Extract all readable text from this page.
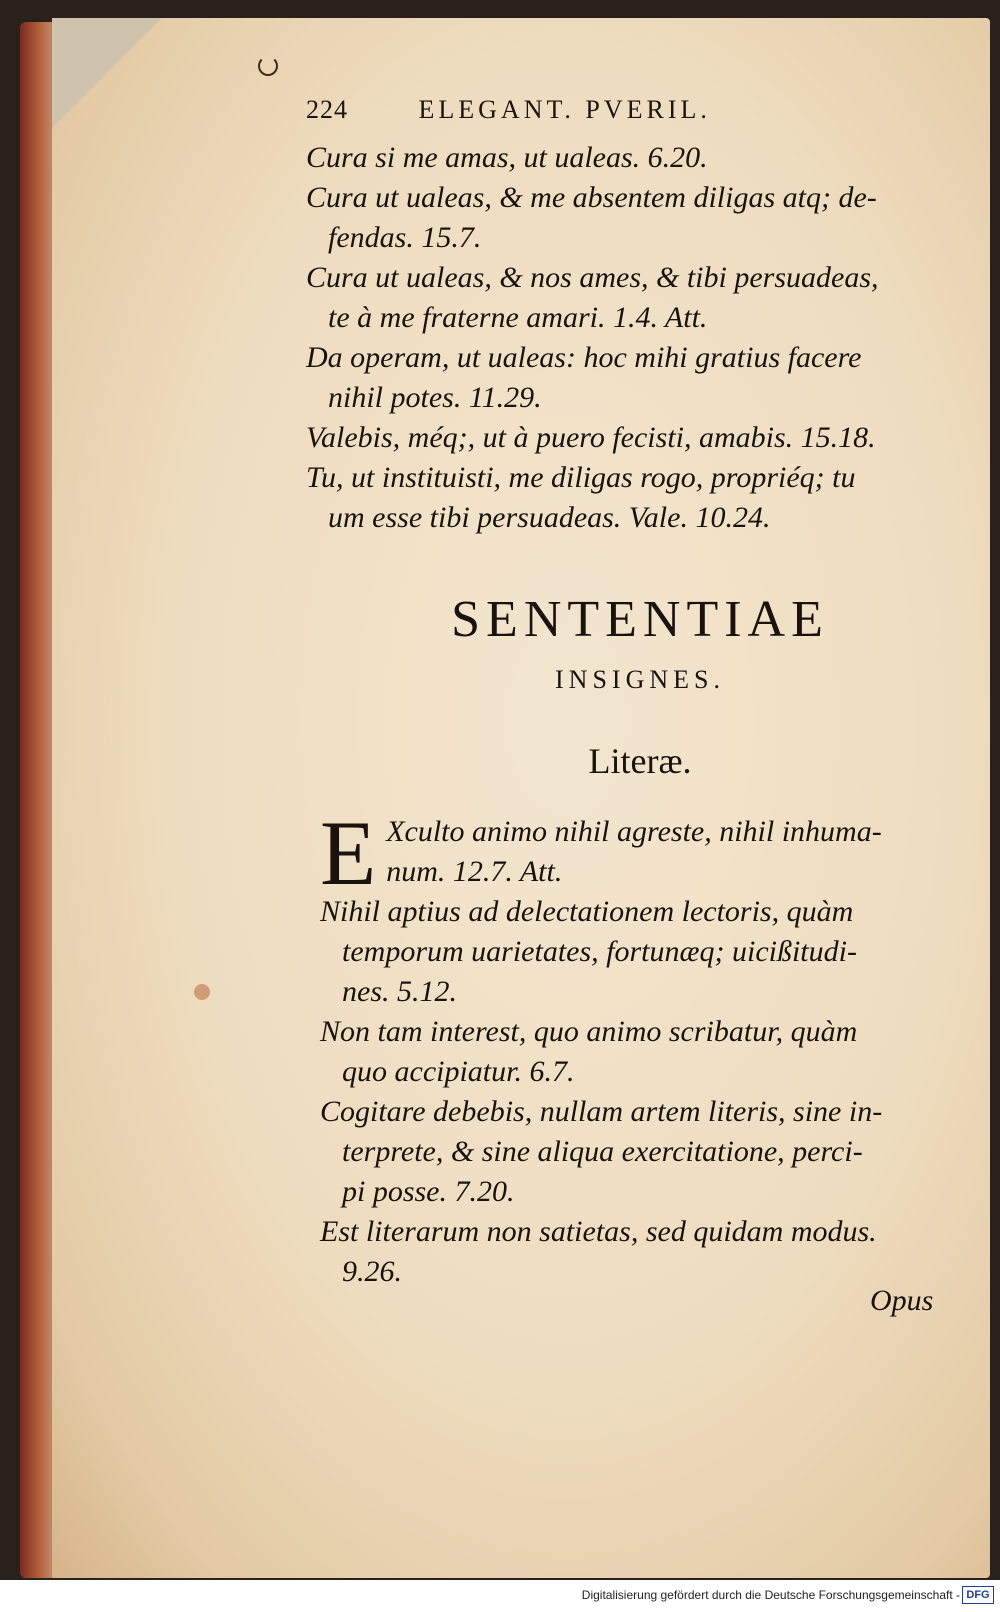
224	ELEGANT. PVERIL.
Cura si me amas, ut ualeas. 6.20.
Cura ut ualeas, & me absentem diligas atq; de-
fendas. 15.7.
Cura ut ualeas, & nos ames, & tibi persuadeas,
te à me fraterne amari. 1.4. Att.
Da operam, ut ualeas: hoc mihi gratius facere
nihil potes. 11.29.
Valebis, méq;, ut à puero fecisti, amabis. 15.18.
Tu, ut instituisti, me diligas rogo, propriéq; tu
um esse tibi persuadeas. Vale. 10.24.
SENTENTIAE
INSIGNES.
Literæ.
E Xculto animo nihil agreste, nihil inhuma-
num. 12.7. Att.
Nihil aptius ad delectationem lectoris, quàm
temporum uarietates, fortunæq; uicißitudi-
nes. 5.12.
Non tam interest, quo animo scribatur, quàm
quo accipiatur. 6.7.
Cogitare debebis, nullam artem literis, sine in-
terprete, & sine aliqua exercitatione, perci-
pi posse. 7.20.
Est literarum non satietas, sed quidam modus.
9.26.
Opus
Digitalisierung gefördert durch die Deutsche Forschungsgemeinschaft - DFG
